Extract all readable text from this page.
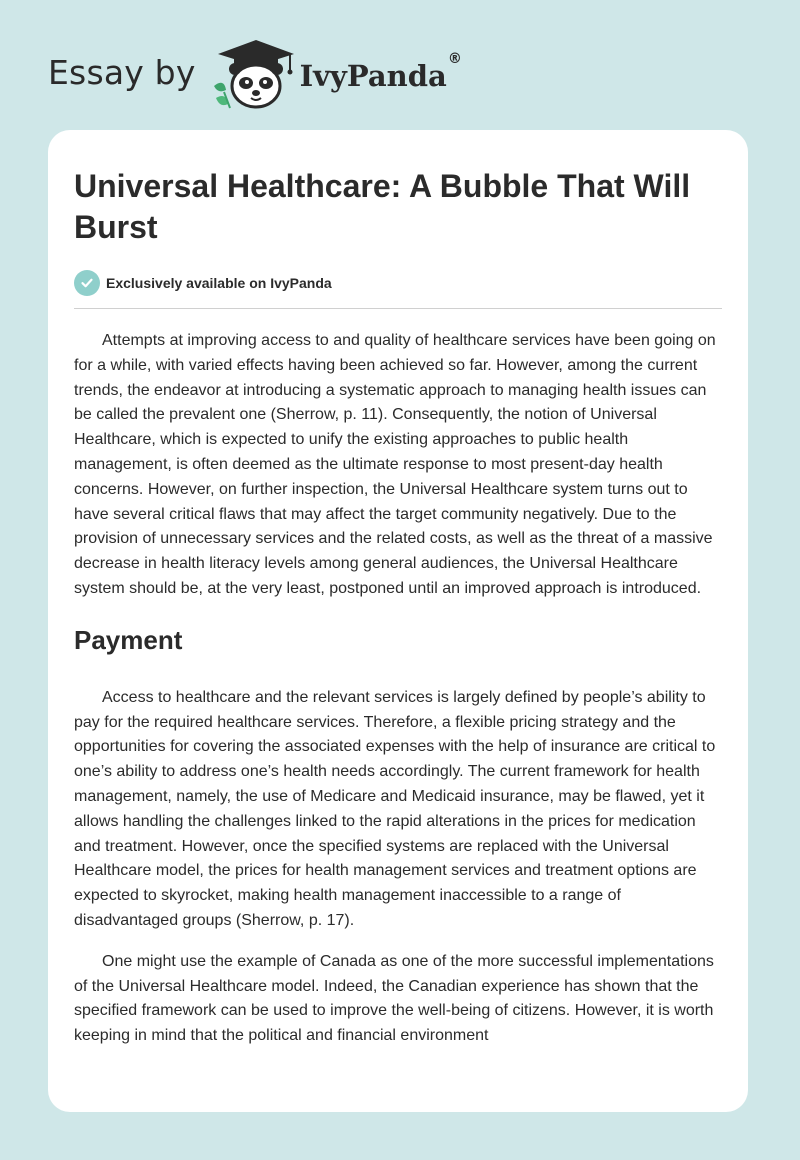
Essay by	IvyPanda®
Universal Healthcare: A Bubble That Will Burst
Exclusively available on IvyPanda

Attempts at improving access to and quality of healthcare services have been going on for a while, with varied effects having been achieved so far. However, among the current trends, the endeavor at introducing a systematic approach to managing health issues can be called the prevalent one (Sherrow, p. 11). Consequently, the notion of Universal Healthcare, which is expected to unify the existing approaches to public health management, is often deemed as the ultimate response to most present-day health concerns. However, on further inspection, the Universal Healthcare system turns out to have several critical flaws that may affect the target community negatively. Due to the provision of unnecessary services and the related costs, as well as the threat of a massive decrease in health literacy levels among general audiences, the Universal Healthcare system should be, at the very least, postponed until an improved approach is introduced.

Payment

Access to healthcare and the relevant services is largely defined by people’s ability to pay for the required healthcare services. Therefore, a flexible pricing strategy and the opportunities for covering the associated expenses with the help of insurance are critical to one’s ability to address one’s health needs accordingly. The current framework for health management, namely, the use of Medicare and Medicaid insurance, may be flawed, yet it allows handling the challenges linked to the rapid alterations in the prices for medication and treatment. However, once the specified systems are replaced with the Universal Healthcare model, the prices for health management services and treatment options are expected to skyrocket, making health management inaccessible to a range of disadvantaged groups (Sherrow, p. 17).

One might use the example of Canada as one of the more successful implementations of the Universal Healthcare model. Indeed, the Canadian experience has shown that the specified framework can be used to improve the well-being of citizens. However, it is worth keeping in mind that the political and financial environment
